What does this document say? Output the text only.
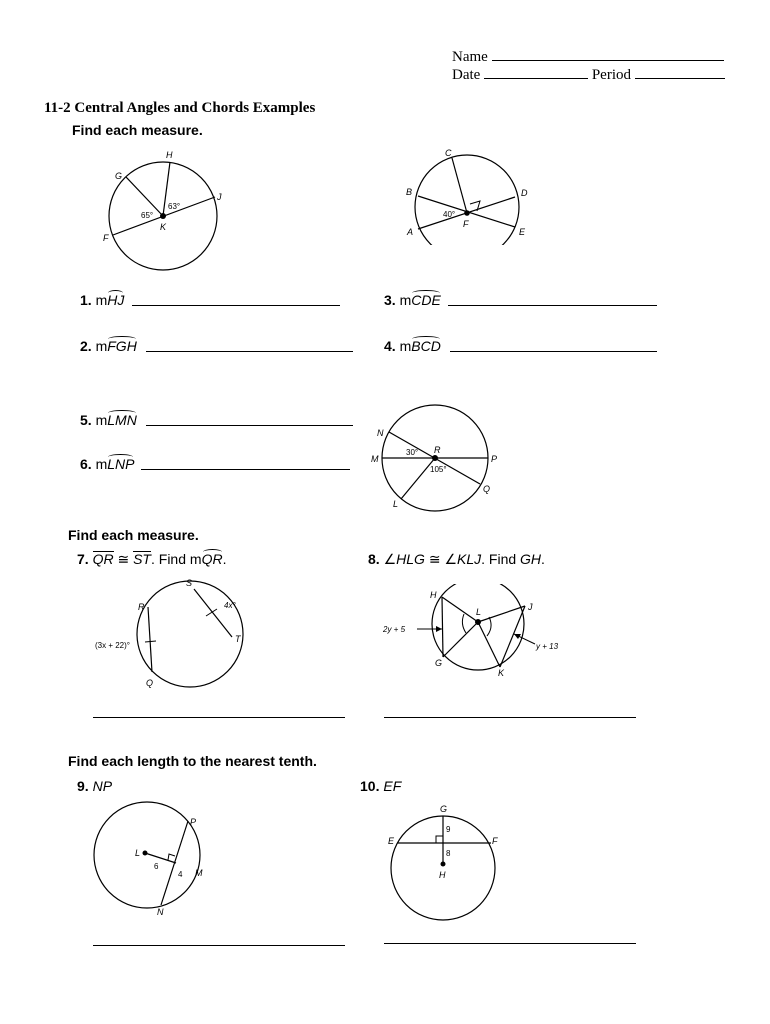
Name
Date	Period
11-2 Central Angles and Chords Examples
Find each measure.
H
G
J
F
K
63°
65°
C
B	D
A	E
F
40°
1. mHJ	3. mCDE
2. mFGH	4. mBCD
5. mLMN
6. mLNP
N
M
R
P
Q
L
30°
105°
Find each measure.
7. QR ≅ ST. Find mQR.	8. ∠HLG ≅ ∠KLJ. Find GH.
S
R
T
Q
4x°
(3x + 22)°
H
J
L
G
K
2y + 5
y + 13
Find each length to the nearest tenth.
9. NP	10. EF
P
L
M
N
6
4
G
E	F
H
9
8
